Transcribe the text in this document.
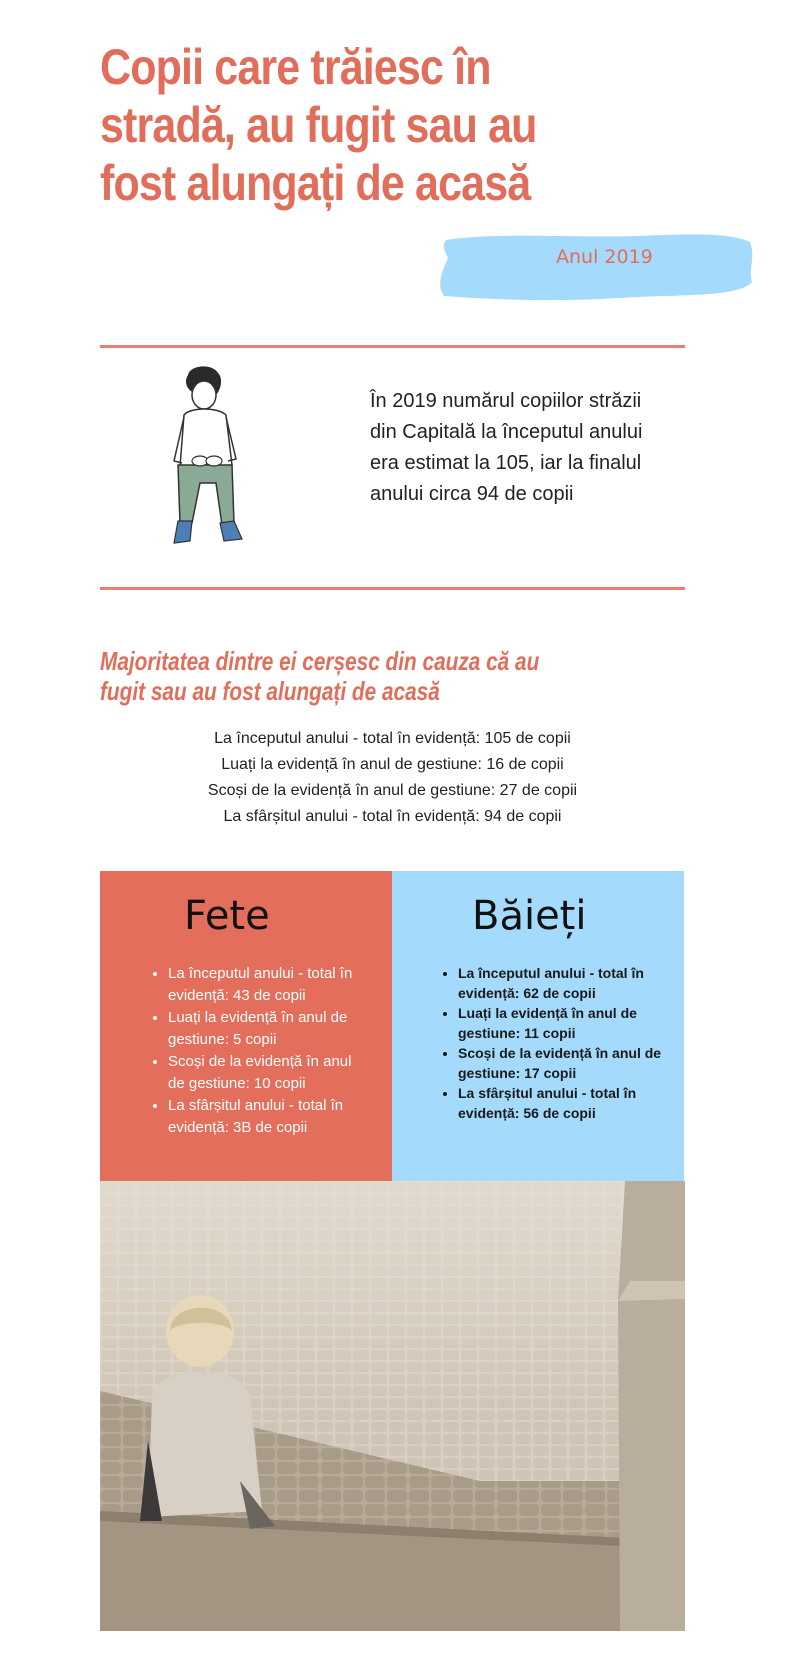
Copii care trăiesc în stradă, au fugit sau au fost alungați de acasă
Anul 2019
În 2019 numărul copiilor străzii din Capitală la începutul anului era estimat la 105, iar la finalul anului circa 94 de copii
Majoritatea dintre ei cerșesc din cauza că au fugit sau au fost alungați de acasă
La începutul anului - total în evidență: 105 de copii
Luați la evidență în anul de gestiune: 16 de copii
Scoși de la evidență în anul de gestiune: 27 de copii
La sfârșitul anului - total în evidență: 94 de copii
Fete
• La începutul anului - total în evidență: 43 de copii
• Luați la evidență în anul de gestiune: 5 copii
• Scoși de la evidență în anul de gestiune: 10 copii
• La sfârșitul anului - total în evidență: 3B de copii
Băieți
• La începutul anului - total în evidență: 62 de copii
• Luați la evidență în anul de gestiune: 11 copii
• Scoși de la evidență în anul de gestiune: 17 copii
• La sfârșitul anului - total în evidență: 56 de copii
